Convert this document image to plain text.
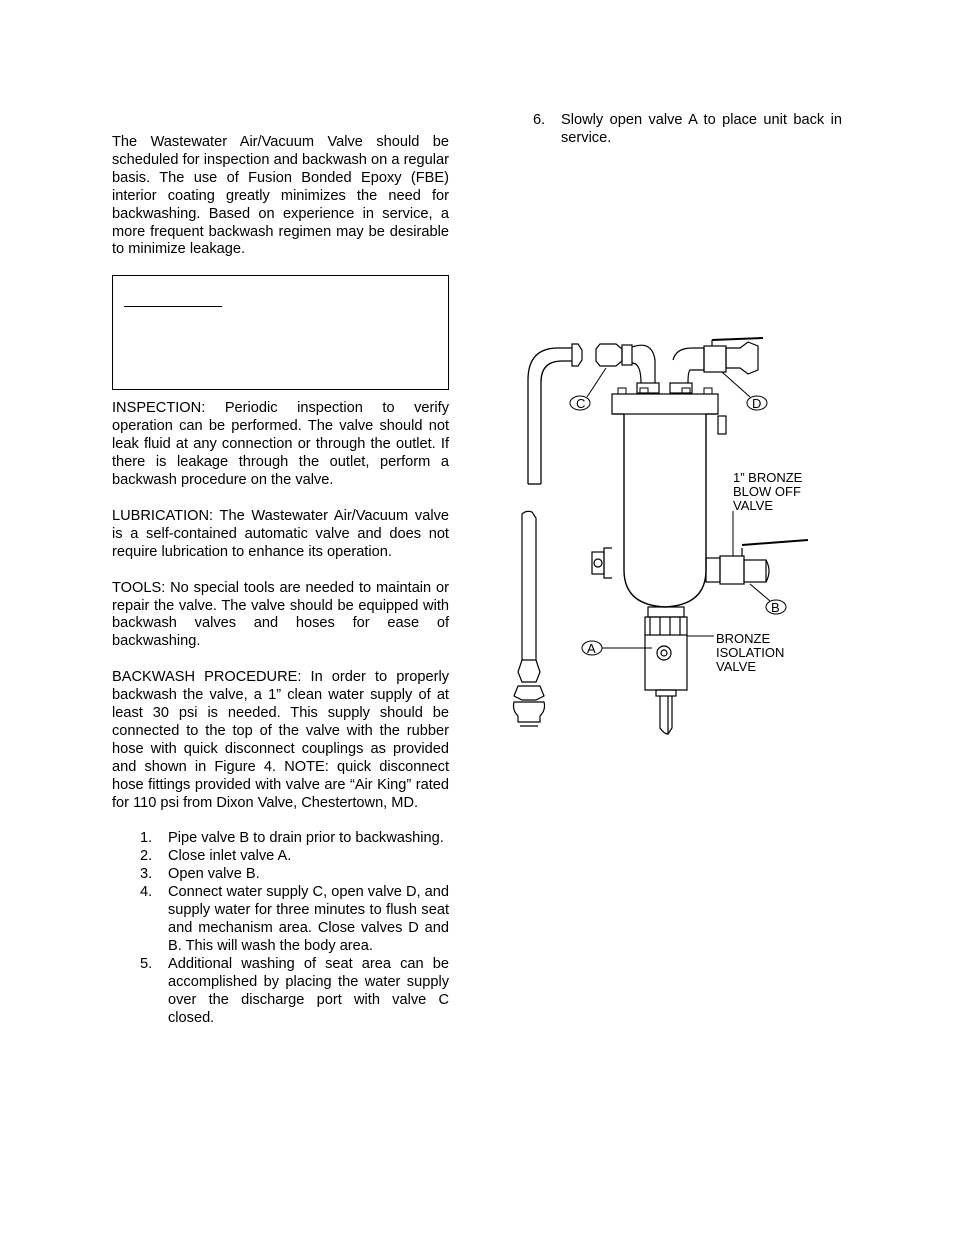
The Wastewater Air/Vacuum Valve should be scheduled for inspection and backwash on a regular basis. The use of Fusion Bonded Epoxy (FBE) interior coating greatly minimizes the need for backwashing. Based on experience in service, a more frequent backwash regimen may be desirable to minimize leakage.

INSPECTION: Periodic inspection to verify operation can be performed. The valve should not leak fluid at any connection or through the outlet. If there is leakage through the outlet, perform a backwash procedure on the valve.

LUBRICATION: The Wastewater Air/Vacuum valve is a self-contained automatic valve and does not require lubrication to enhance its operation.

TOOLS: No special tools are needed to maintain or repair the valve. The valve should be equipped with backwash valves and hoses for ease of backwashing.

BACKWASH PROCEDURE: In order to properly backwash the valve, a 1” clean water supply of at least 30 psi is needed. This supply should be connected to the top of the valve with the rubber hose with quick disconnect couplings as provided and shown in Figure 4. NOTE: quick disconnect hose fittings provided with valve are “Air King” rated for 110 psi from Dixon Valve, Chestertown, MD.

1. Pipe valve B to drain prior to backwashing.
2. Close inlet valve A.
3. Open valve B.
4. Connect water supply C, open valve D, and supply water for three minutes to flush seat and mechanism area. Close valves D and B. This will wash the body area.
5. Additional washing of seat area can be accomplished by placing the water supply over the discharge port with valve C closed.
6. Slowly open valve A to place unit back in service.
C	D
B
A
1” BRONZE
BLOW OFF
VALVE
BRONZE
ISOLATION
VALVE
